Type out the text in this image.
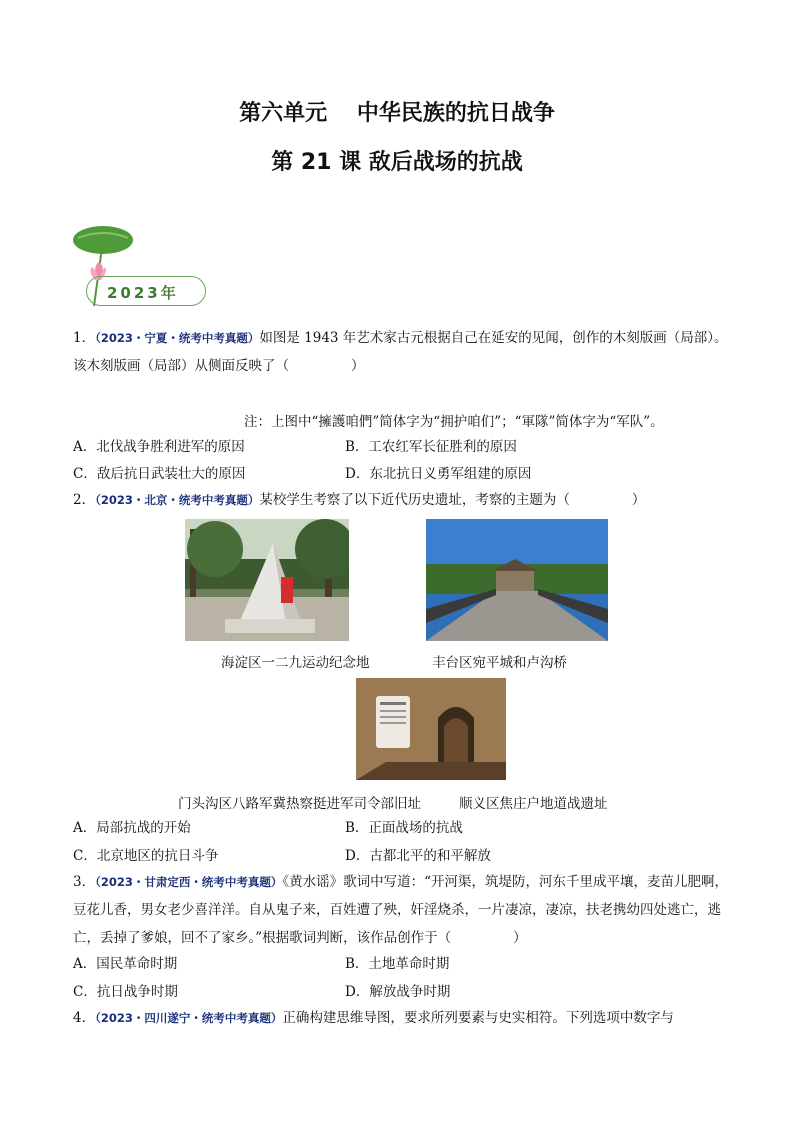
第六单元　 中华民族的抗日战争
第 21 课 敌后战场的抗战
2023年
1．（2023・宁夏・统考中考真题）如图是 1943 年艺术家古元根据自己在延安的见闻，创作的木刻版画（局部）。该木刻版画（局部）从侧面反映了（	）
注：上图中“擁護咱們”简体字为“拥护咱们”；“軍隊”简体字为“军队”。
A．北伐战争胜利进军的原因	B．工农红军长征胜利的原因
C．敌后抗日武装壮大的原因	D．东北抗日义勇军组建的原因
2．（2023・北京・统考中考真题）某校学生考察了以下近代历史遗址，考察的主题为（	）
海淀区一二九运动纪念地	丰台区宛平城和卢沟桥
门头沟区八路军冀热察挺进军司令部旧址	顺义区焦庄户地道战遗址
A．局部抗战的开始	B．正面战场的抗战
C．北京地区的抗日斗争	D．古都北平的和平解放
3．（2023・甘肃定西・统考中考真题）《黄水谣》歌词中写道：“开河渠，筑堤防，河东千里成平壤，麦苗儿肥啊，豆花儿香，男女老少喜洋洋。自从鬼子来，百姓遭了殃，奸淫烧杀，一片凄凉，凄凉，扶老携幼四处逃亡，逃亡，丢掉了爹娘，回不了家乡。”根据歌词判断，该作品创作于（	）
A．国民革命时期	B．土地革命时期
C．抗日战争时期	D．解放战争时期
4．（2023・四川遂宁・统考中考真题）正确构建思维导图，要求所列要素与史实相符。下列选项中数字与
